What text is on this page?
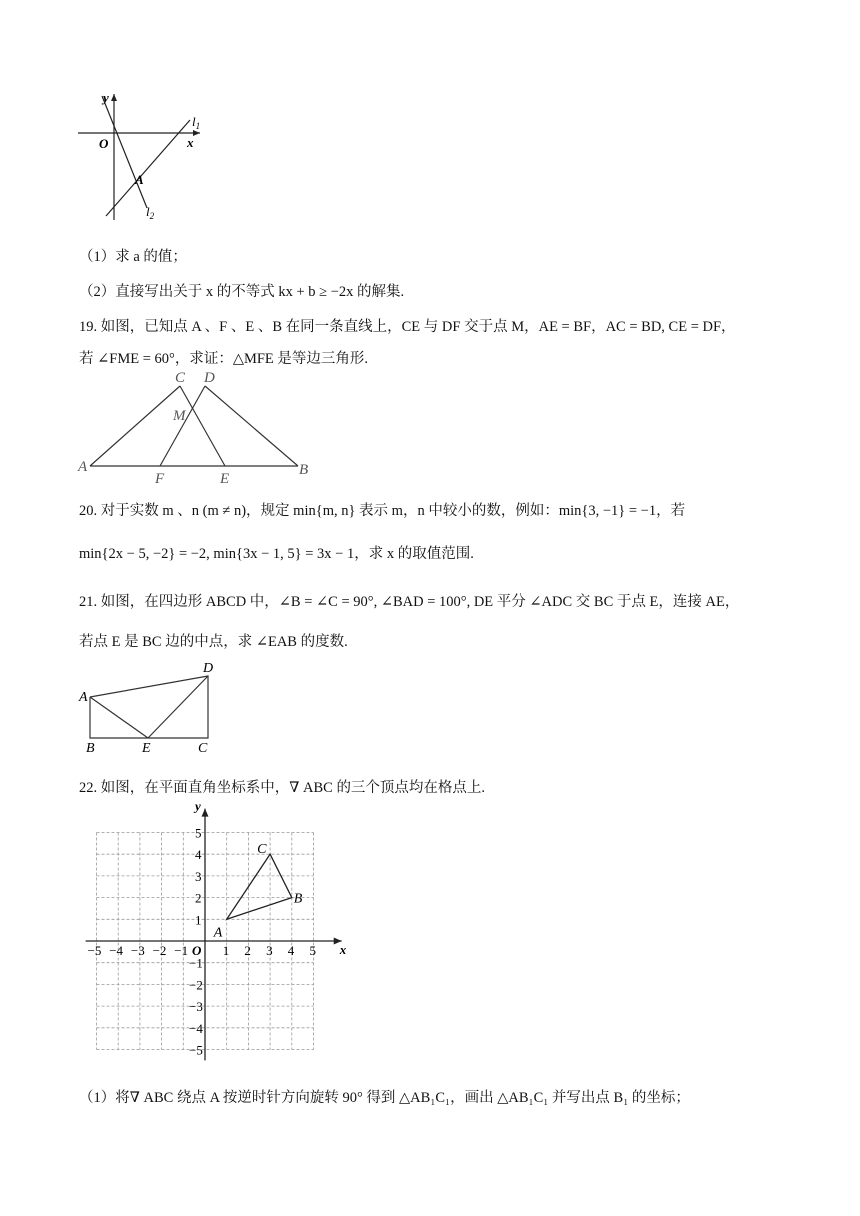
y
x
O
A
$l_1$
$l_2$
（1）求 a 的值；
（2）直接写出关于 x 的不等式 kx + b ≥ −2x 的解集.
19. 如图，已知点 A 、F 、E 、B 在同一条直线上，CE 与 DF 交于点 M，AE = BF，AC = BD, CE = DF，
若 ∠FME = 60°，求证：△MFE 是等边三角形.
C D
M
A
F	E
B
20. 对于实数 m 、n (m ≠ n)，规定 min{m, n} 表示 m，n 中较小的数，例如：min{3, −1} = −1，若
min{2x − 5, −2} = −2, min{3x − 1, 5} = 3x − 1，求 x 的取值范围.
21. 如图，在四边形 ABCD 中，∠B = ∠C = 90°, ∠BAD = 100°, DE 平分 ∠ADC 交 BC 于点 E，连接 AE，
若点 E 是 BC 边的中点，求 ∠EAB 的度数.
A
B	C
D
E
22. 如图，在平面直角坐标系中，∇ ABC 的三个顶点均在格点上.
−5 −4 −3 −2 −1	1 2 3 4 5
5
4
3
2
1
−1
−2
−3
−4
−5
O	x
y
A
B
C
（1）将∇ ABC 绕点 A 按逆时针方向旋转 90° 得到 △AB₁C₁，画出 △AB₁C₁ 并写出点 B₁ 的坐标；
